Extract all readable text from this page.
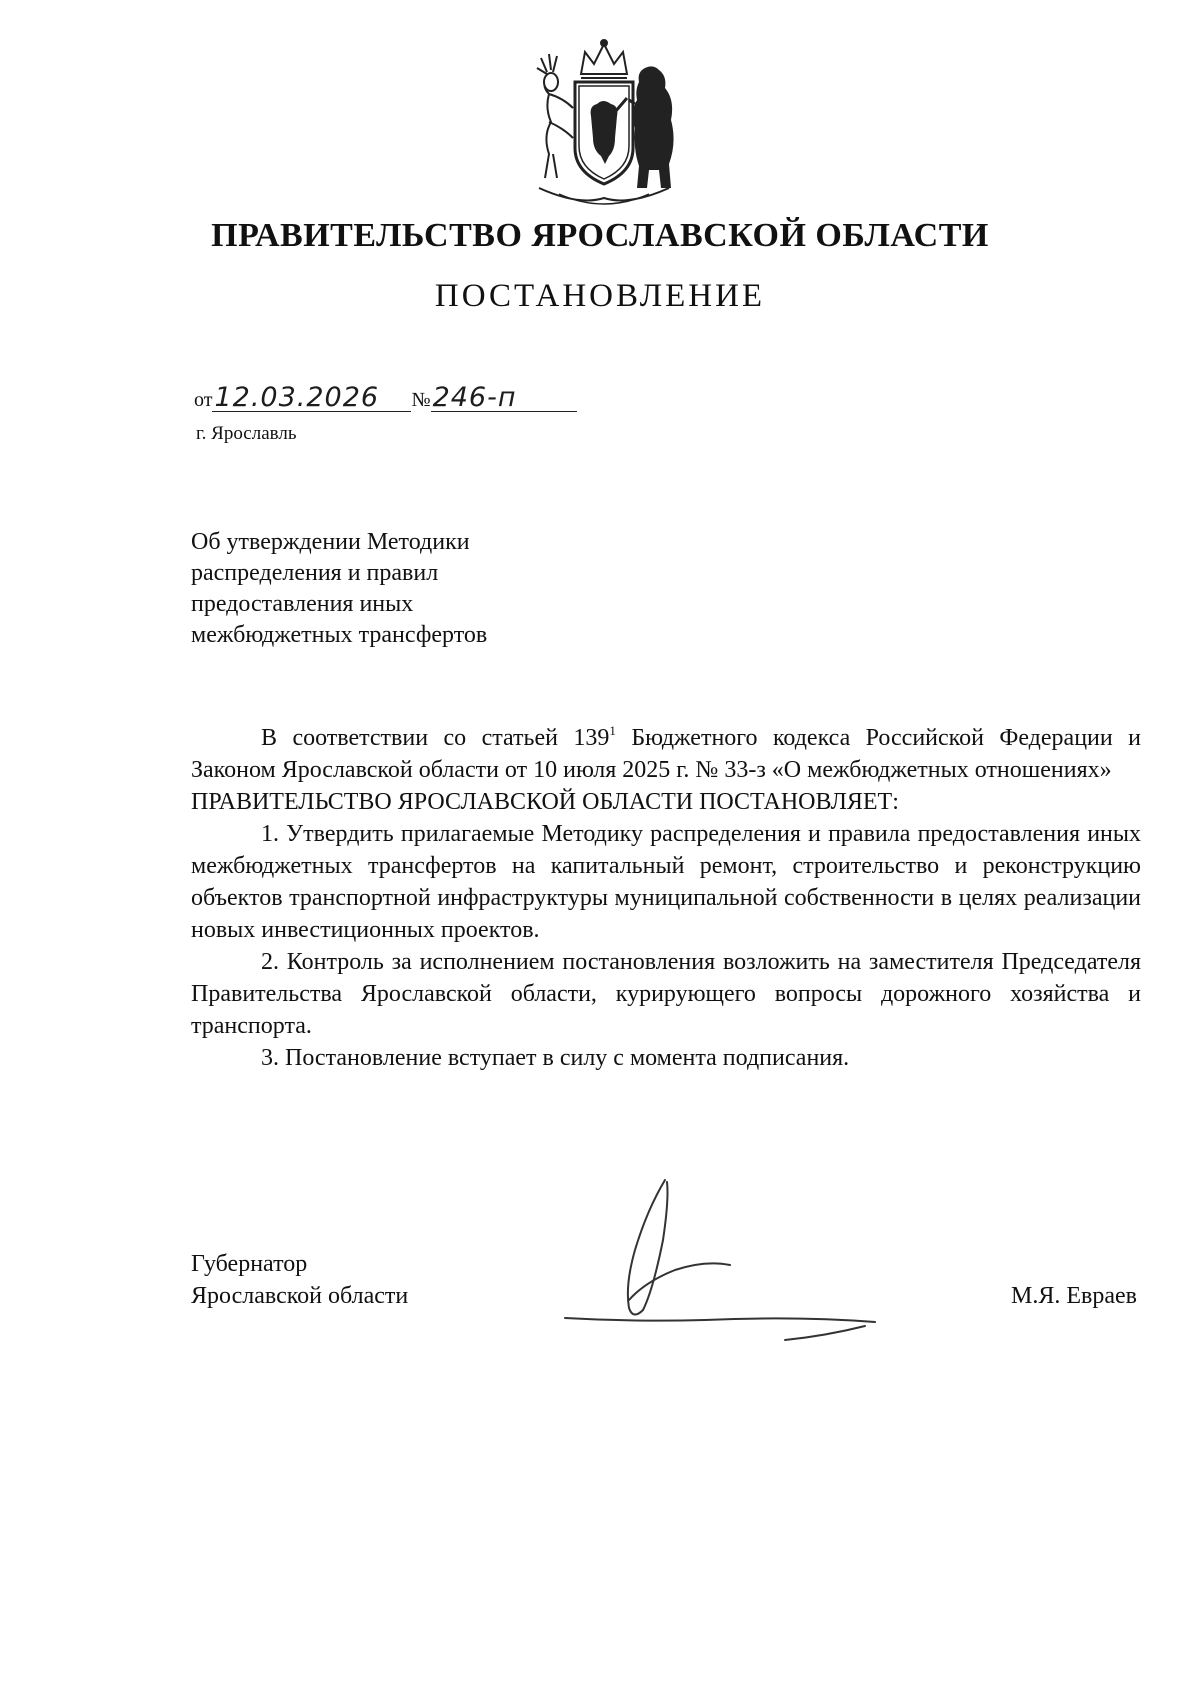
ПРАВИТЕЛЬСТВО ЯРОСЛАВСКОЙ ОБЛАСТИ
ПОСТАНОВЛЕНИЕ
от12.03.2026 №246-п
г. Ярославль
Об утверждении Методики
распределения и правил
предоставления иных
межбюджетных трансфертов

В соответствии со статьей $139^1$ Бюджетного кодекса Российской Федерации и Законом Ярославской области от 10 июля 2025 г. № 33-з «О межбюджетных отношениях»

ПРАВИТЕЛЬСТВО ЯРОСЛАВСКОЙ ОБЛАСТИ ПОСТАНОВЛЯЕТ:

1. Утвердить прилагаемые Методику распределения и правила предоставления иных межбюджетных трансфертов на капитальный ремонт, строительство и реконструкцию объектов транспортной инфраструктуры муниципальной собственности в целях реализации новых инвестиционных проектов.

2. Контроль за исполнением постановления возложить на заместителя Председателя Правительства Ярославской области, курирующего вопросы дорожного хозяйства и транспорта.

3. Постановление вступает в силу с момента подписания.

Губернатор
Ярославской области	М.Я. Евраев
